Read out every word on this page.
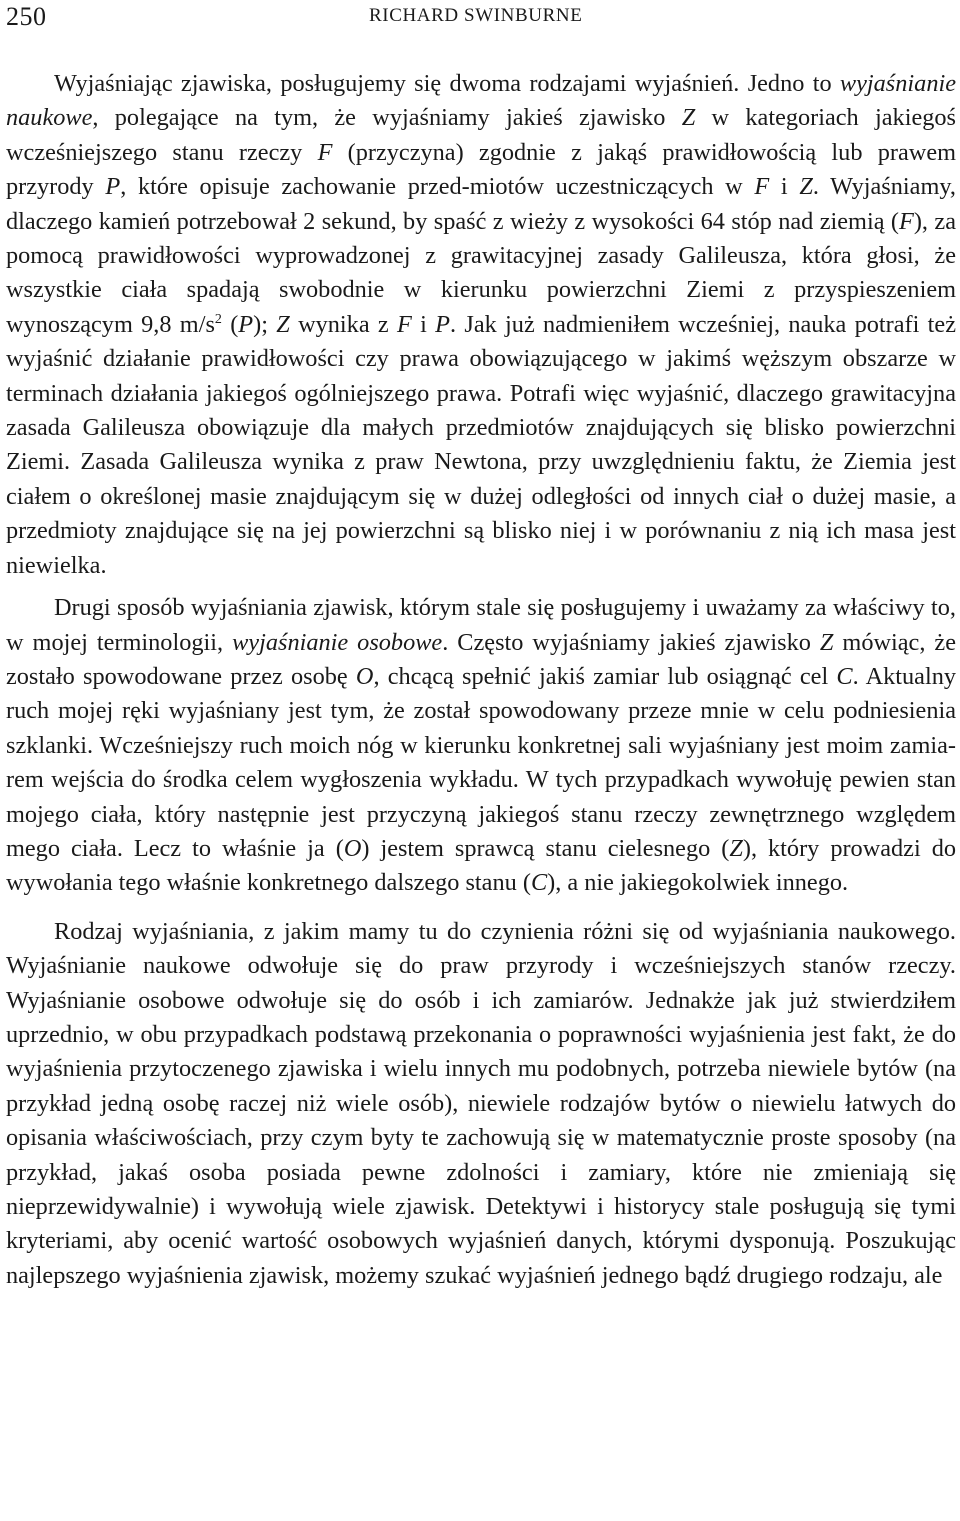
250	RICHARD SWINBURNE

Wyjaśniając zjawiska, posługujemy się dwoma rodzajami wyjaśnień. Jedno to wyjaśnianie naukowe, polegające na tym, że wyjaśniamy jakieś zjawisko Z w kategoriach jakiegoś wcześniejszego stanu rzeczy F (przyczyna) zgodnie z jakąś prawidłowością lub prawem przyrody P, które opisuje zachowanie przed-miotów uczestniczących w F i Z. Wyjaśniamy, dlaczego kamień potrzebował 2 sekund, by spaść z wieży z wysokości 64 stóp nad ziemią (F), za pomocą prawidłowości wyprowadzonej z grawitacyjnej zasady Galileusza, która głosi, że wszystkie ciała spadają swobodnie w kierunku powierzchni Ziemi z przyspieszeniem wynoszącym 9,8 $m/s^2$ (P); Z wynika z F i P. Jak już nadmieniłem wcześniej, nauka potrafi też wyjaśnić działanie prawidłowości czy prawa obowiązującego w jakimś węższym obszarze w terminach działania jakiegoś ogólniejszego prawa. Potrafi więc wyjaśnić, dlaczego grawitacyjna zasada Galileusza obowiązuje dla małych przedmiotów znajdujących się blisko powierzchni Ziemi. Zasada Galileusza wynika z praw Newtona, przy uwzględnieniu faktu, że Ziemia jest ciałem o określonej masie znajdującym się w dużej odległości od innych ciał o dużej masie, a przedmioty znajdujące się na jej powierzchni są blisko niej i w porównaniu z nią ich masa jest niewielka.

Drugi sposób wyjaśniania zjawisk, którym stale się posługujemy i uważamy za właściwy to, w mojej terminologii, wyjaśnianie osobowe. Często wyjaśniamy jakieś zjawisko Z mówiąc, że zostało spowodowane przez osobę O, chcącą spełnić jakiś zamiar lub osiągnąć cel C. Aktualny ruch mojej ręki wyjaśniany jest tym, że został spowodowany przeze mnie w celu podniesienia szklanki. Wcześniejszy ruch moich nóg w kierunku konkretnej sali wyjaśniany jest moim zamiarem wejścia do środka celem wygłoszenia wykładu. W tych przypadkach wywołuję pewien stan mojego ciała, który następnie jest przyczyną jakiegoś stanu rzeczy zewnętrznego względem mego ciała. Lecz to właśnie ja (O) jestem sprawcą stanu cielesnego (Z), który prowadzi do wywołania tego właśnie konkretnego dalszego stanu (C), a nie jakiegokolwiek innego.

Rodzaj wyjaśniania, z jakim mamy tu do czynienia różni się od wyjaśniania naukowego. Wyjaśnianie naukowe odwołuje się do praw przyrody i wcześniejszych stanów rzeczy. Wyjaśnianie osobowe odwołuje się do osób i ich zamiarów. Jednakże jak już stwierdziłem uprzednio, w obu przypadkach podstawą przekonania o poprawności wyjaśnienia jest fakt, że do wyjaśnienia przytoczenego zjawiska i wielu innych mu podobnych, potrzeba niewiele bytów (na przykład jedną osobę raczej niż wiele osób), niewiele rodzajów bytów o niewielu łatwych do opisania właściwościach, przy czym byty te zachowują się w matematycznie proste sposoby (na przykład, jakaś osoba posiada pewne zdolności i zamiary, które nie zmieniają się nieprzewidywalnie) i wywołują wiele zjawisk. Detektywi i historycy stale posługują się tymi kryteriami, aby ocenić wartość osobowych wyjaśnień danych, którymi dysponują. Poszukując najlepszego wyjaśnienia zjawisk, możemy szukać wyjaśnień jednego bądź drugiego rodzaju, ale
